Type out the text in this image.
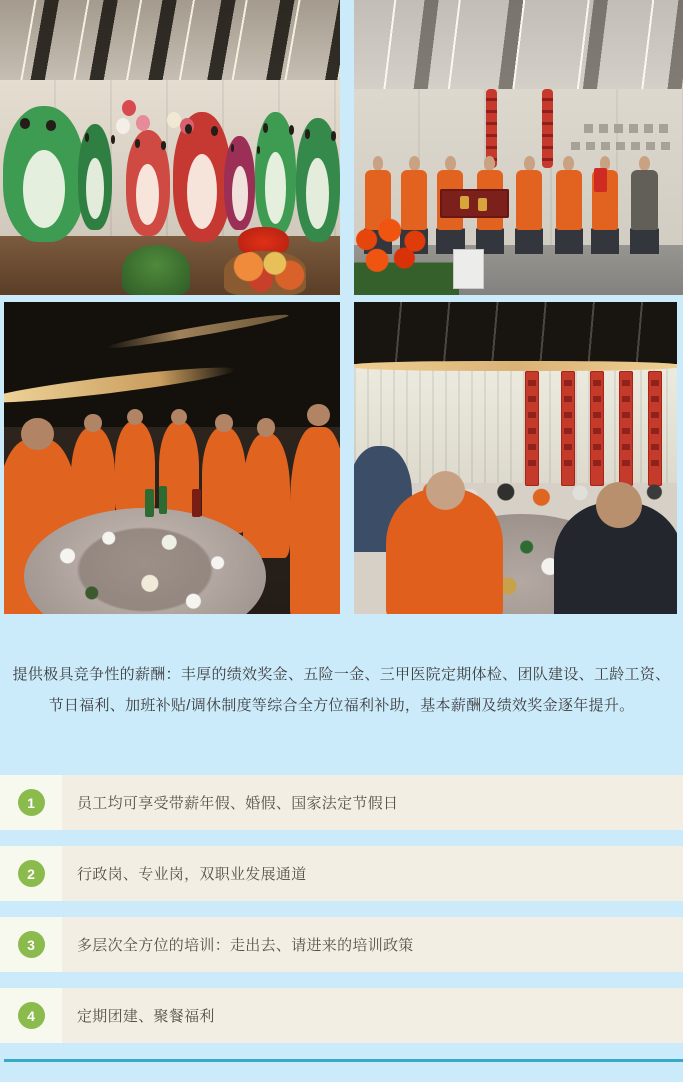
提供极具竞争性的薪酬：丰厚的绩效奖金、五险一金、三甲医院定期体检、团队建设、工龄工资、
节日福利、加班补贴/调休制度等综合全方位福利补助，基本薪酬及绩效奖金逐年提升。
1	员工均可享受带薪年假、婚假、国家法定节假日
2	行政岗、专业岗，双职业发展通道
3	多层次全方位的培训：走出去、请进来的培训政策
4	定期团建、聚餐福利
